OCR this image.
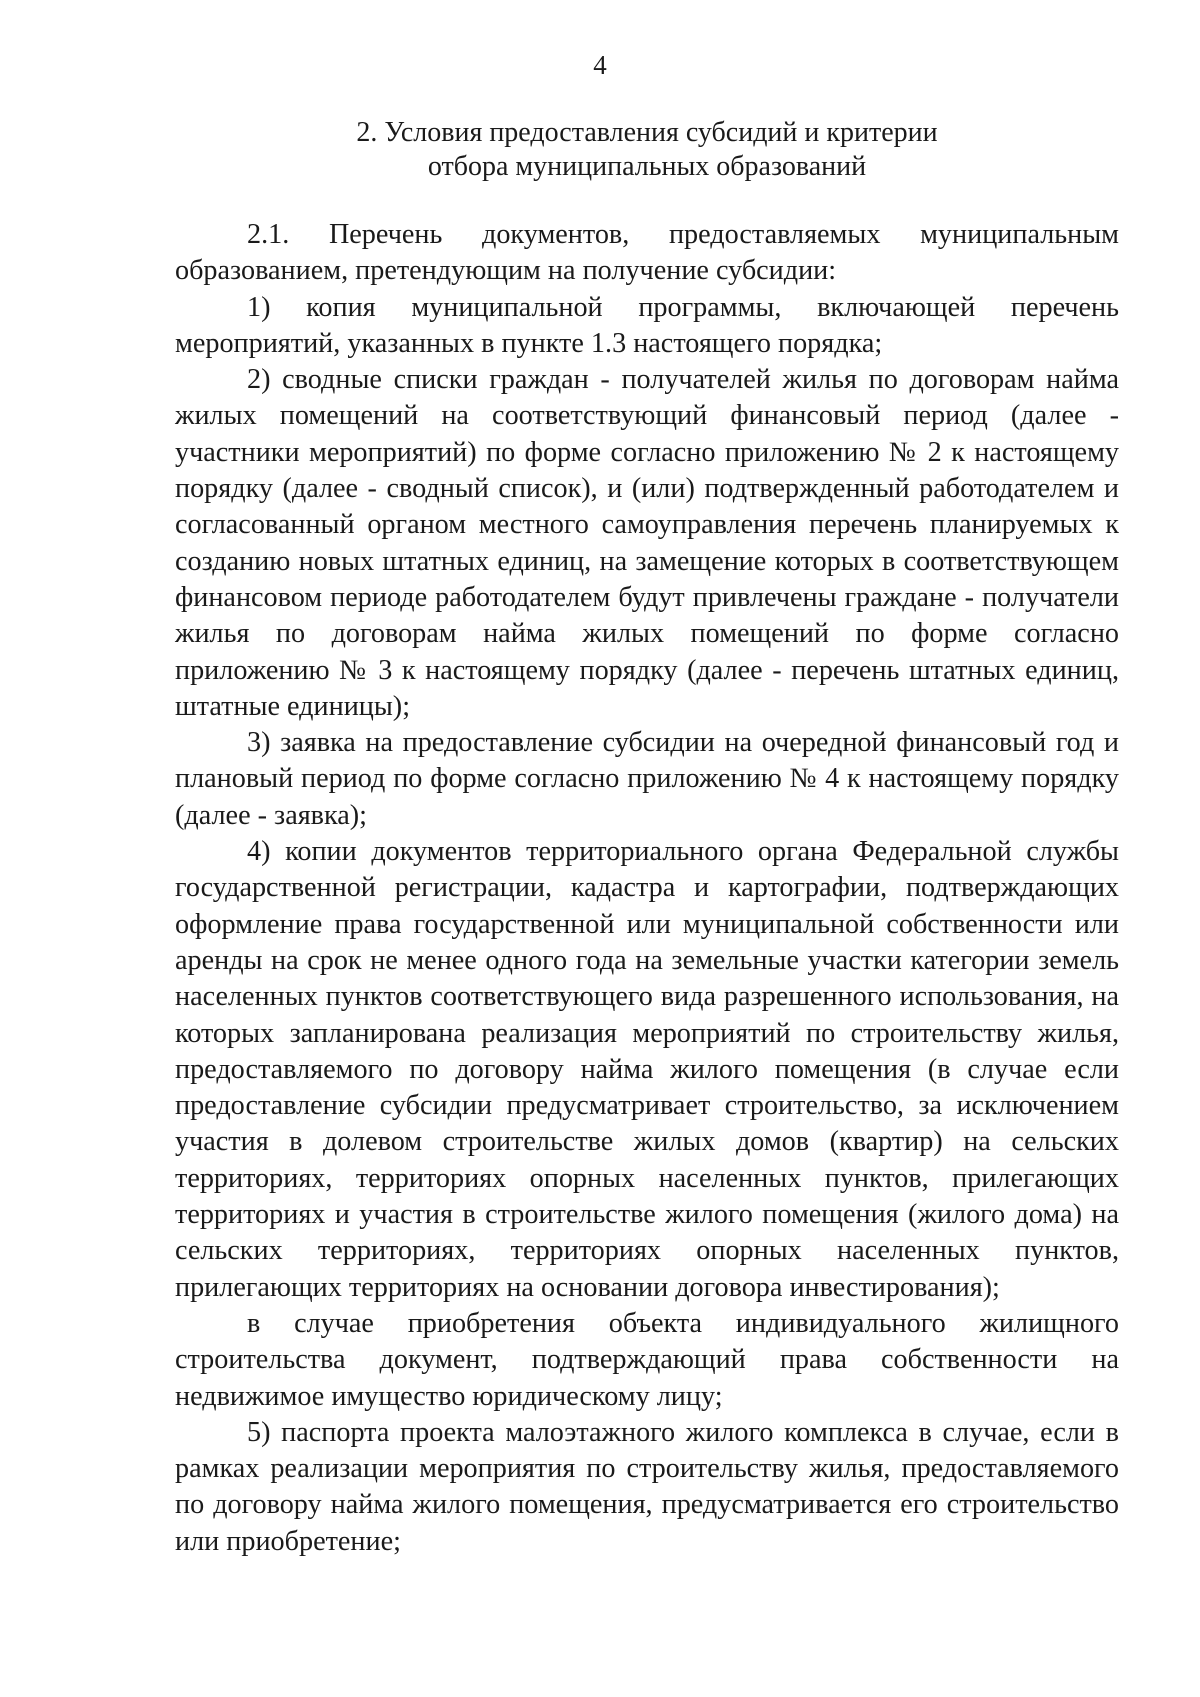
4
2. Условия предоставления субсидий и критерии
отбора муниципальных образований

2.1. Перечень документов, предоставляемых муниципальным образованием, претендующим на получение субсидии:

1) копия муниципальной программы, включающей перечень мероприятий, указанных в пункте 1.3 настоящего порядка;

2) сводные списки граждан - получателей жилья по договорам найма жилых помещений на соответствующий финансовый период (далее - участники мероприятий) по форме согласно приложению № 2 к настоящему порядку (далее - сводный список), и (или) подтвержденный работодателем и согласованный органом местного самоуправления перечень планируемых к созданию новых штатных единиц, на замещение которых в соответствующем финансовом периоде работодателем будут привлечены граждане - получатели жилья по договорам найма жилых помещений по форме согласно приложению № 3 к настоящему порядку (далее - перечень штатных единиц, штатные единицы);

3) заявка на предоставление субсидии на очередной финансовый год и плановый период по форме согласно приложению № 4 к настоящему порядку (далее - заявка);

4) копии документов территориального органа Федеральной службы государственной регистрации, кадастра и картографии, подтверждающих оформление права государственной или муниципальной собственности или аренды на срок не менее одного года на земельные участки категории земель населенных пунктов соответствующего вида разрешенного использования, на которых запланирована реализация мероприятий по строительству жилья, предоставляемого по договору найма жилого помещения (в случае если предоставление субсидии предусматривает строительство, за исключением участия в долевом строительстве жилых домов (квартир) на сельских территориях, территориях опорных населенных пунктов, прилегающих территориях и участия в строительстве жилого помещения (жилого дома) на сельских территориях, территориях опорных населенных пунктов, прилегающих территориях на основании договора инвестирования);

в случае приобретения объекта индивидуального жилищного строительства документ, подтверждающий права собственности на недвижимое имущество юридическому лицу;

5) паспорта проекта малоэтажного жилого комплекса в случае, если в рамках реализации мероприятия по строительству жилья, предоставляемого по договору найма жилого помещения, предусматривается его строительство или приобретение;
